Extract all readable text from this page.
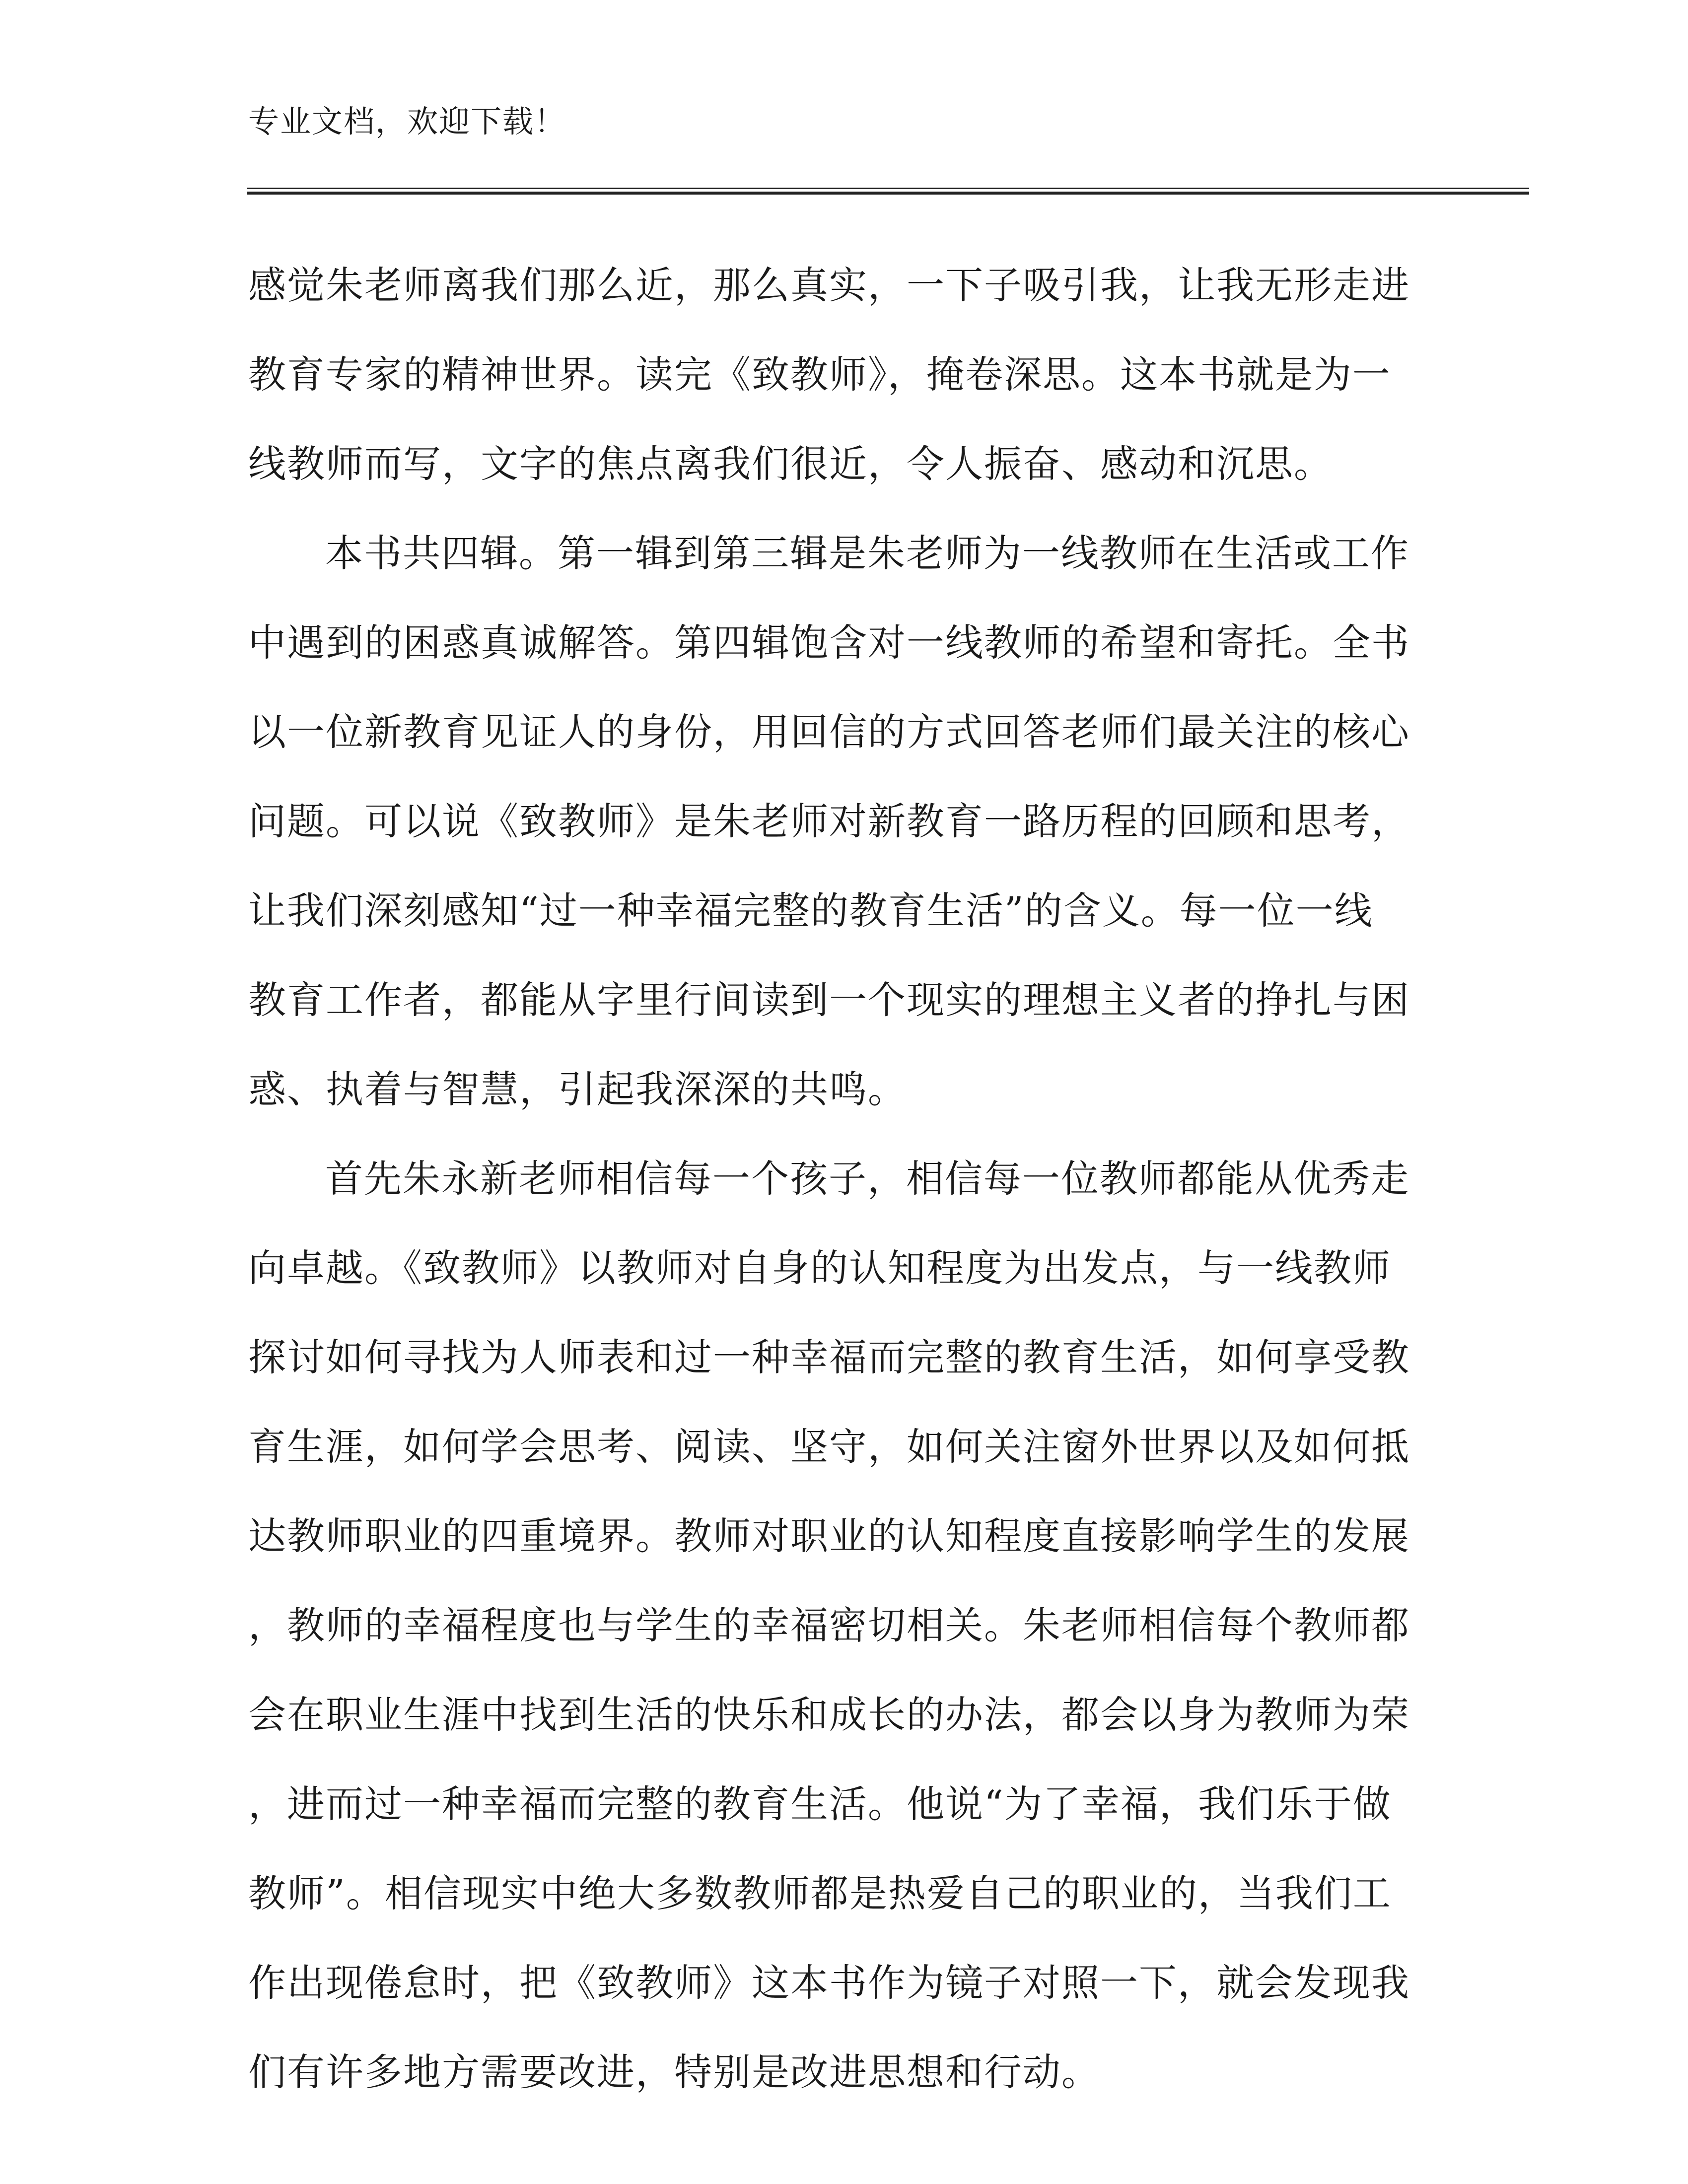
专业文档，欢迎下载！
感觉朱老师离我们那么近，那么真实，一下子吸引我，让我无形走进
教育专家的精神世界。读完《致教师》，掩卷深思。这本书就是为一
线教师而写，文字的焦点离我们很近，令人振奋、感动和沉思。
本书共四辑。第一辑到第三辑是朱老师为一线教师在生活或工作
中遇到的困惑真诚解答。第四辑饱含对一线教师的希望和寄托。全书
以一位新教育见证人的身份，用回信的方式回答老师们最关注的核心
问题。可以说《致教师》是朱老师对新教育一路历程的回顾和思考，
让我们深刻感知“过一种幸福完整的教育生活”的含义。每一位一线
教育工作者，都能从字里行间读到一个现实的理想主义者的挣扎与困
惑、执着与智慧，引起我深深的共鸣。
首先朱永新老师相信每一个孩子，相信每一位教师都能从优秀走
向卓越。《致教师》以教师对自身的认知程度为出发点，与一线教师
探讨如何寻找为人师表和过一种幸福而完整的教育生活，如何享受教
育生涯，如何学会思考、阅读、坚守，如何关注窗外世界以及如何抵
达教师职业的四重境界。教师对职业的认知程度直接影响学生的发展
，教师的幸福程度也与学生的幸福密切相关。朱老师相信每个教师都
会在职业生涯中找到生活的快乐和成长的办法，都会以身为教师为荣
，进而过一种幸福而完整的教育生活。他说“为了幸福，我们乐于做
教师”。相信现实中绝大多数教师都是热爱自己的职业的，当我们工
作出现倦怠时，把《致教师》这本书作为镜子对照一下，就会发现我
们有许多地方需要改进，特别是改进思想和行动。
